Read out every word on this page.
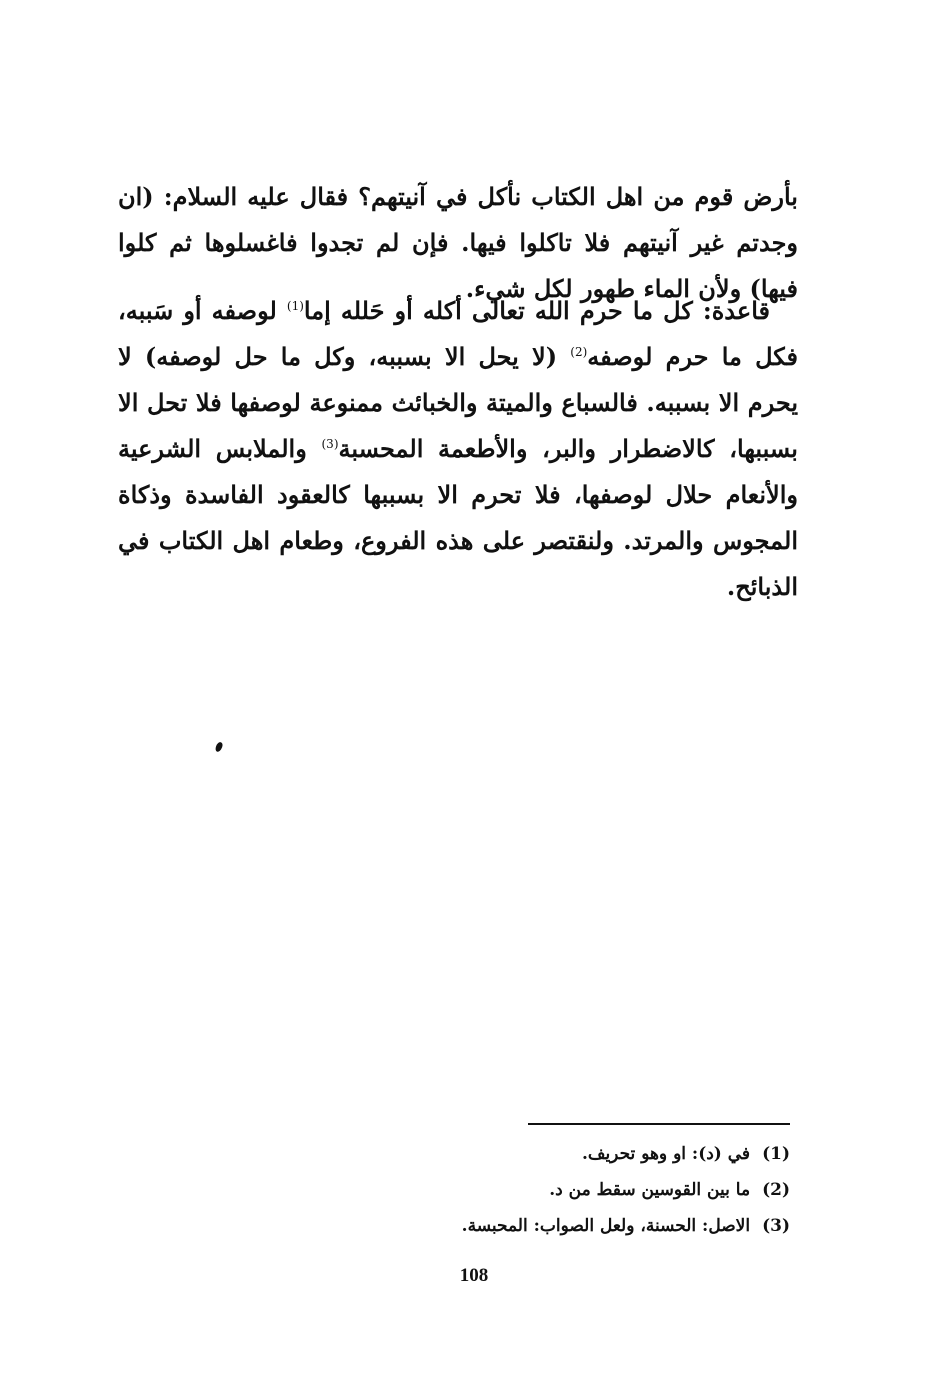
بأرض قوم من اهل الكتاب نأكل في آنيتهم؟ فقال عليه السلام: (ان وجدتم غير آنيتهم فلا تاكلوا فيها. فإن لم تجدوا فاغسلوها ثم كلوا فيها) ولأن الماء طهور لكل شيء.

قاعدة: كل ما حرم الله تعالى أكله أو حَلله إما$^{(1)}$ لوصفه أو سَببه، فكل ما حرم لوصفه$^{(2)}$ (لا يحل الا بسببه، وكل ما حل لوصفه) لا يحرم الا بسببه. فالسباع والميتة والخبائث ممنوعة لوصفها فلا تحل الا بسببها، كالاضطرار والبر، والأطعمة المحسبة$^{(3)}$ والملابس الشرعية والأنعام حلال لوصفها، فلا تحرم الا بسببها كالعقود الفاسدة وذكاة المجوس والمرتد. ولنقتصر على هذه الفروع، وطعام اهل الكتاب في الذبائح.

(1)في (د): او وهو تحريف.
(2)ما بين القوسين سقط من د.
(3)الاصل: الحسنة، ولعل الصواب: المحبسة.
108
